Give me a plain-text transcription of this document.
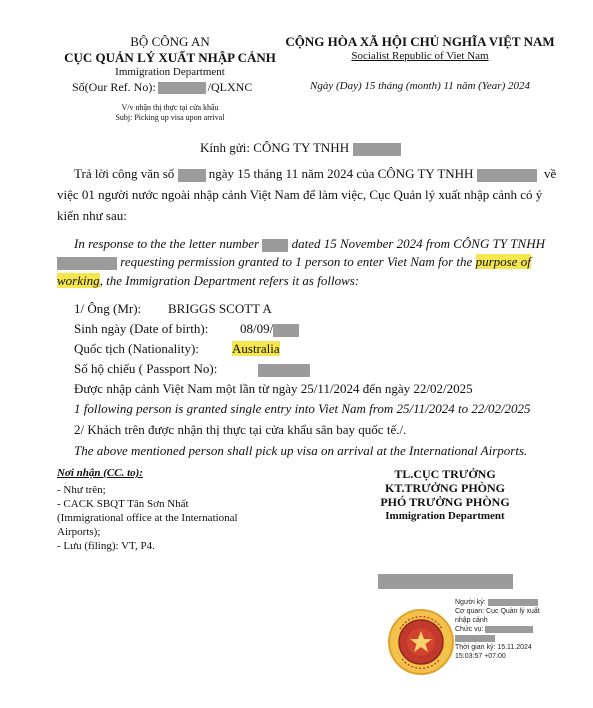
BỘ CÔNG AN
CỤC QUẢN LÝ XUẤT NHẬP CẢNH
Immigration Department
Số(Our Ref. No):	/QLXNC
V/v nhận thị thực tại cửa khẩu
Subj: Picking up visa upon arrival
CỘNG HÒA XÃ HỘI CHỦ NGHĨA VIỆT NAM
Socialist Republic of Viet Nam
Ngày (Day) 15 tháng (month) 11 năm (Year) 2024
Kính gửi: CÔNG TY TNHH
Trả lời công văn số	ngày 15 tháng 11 năm 2024 của CÔNG TY TNHH	về
việc 01 người nước ngoài nhập cảnh Việt Nam để làm việc, Cục Quản lý xuất nhập cảnh có ý
kiến như sau:
In response to the the letter number	dated 15 November 2024 from CÔNG TY TNHH
requesting permission granted to 1 person to enter Viet Nam for the purpose of
working, the Immigration Department refers it as follows:
1/ Ông (Mr): BRIGGS SCOTT A
Sinh ngày (Date of birth): 08/09/
Quốc tịch (Nationality):	Australia
Số hộ chiếu ( Passport No):
Được nhập cảnh Việt Nam một lần từ ngày 25/11/2024 đến ngày 22/02/2025
1 following person is granted single entry into Viet Nam from 25/11/2024 to 22/02/2025
2/ Khách trên được nhận thị thực tại cửa khẩu sân bay quốc tế./.
The above mentioned person shall pick up visa on arrival at the International Airports.
Nơi nhận (CC. to):
- Như trên;
- CACK SBQT Tân Sơn Nhất
(Immigrational office at the International
Airports);
- Lưu (filing): VT, P4.
TL.CỤC TRƯỞNG
KT.TRƯỞNG PHÒNG
PHÓ TRƯỞNG PHÒNG
Immigration Department
Người ký:
Cơ quan: Cục Quản lý xuất
nhập cảnh
Chức vụ:
Thời gian ký: 15.11.2024
15:03:57 +07:00
